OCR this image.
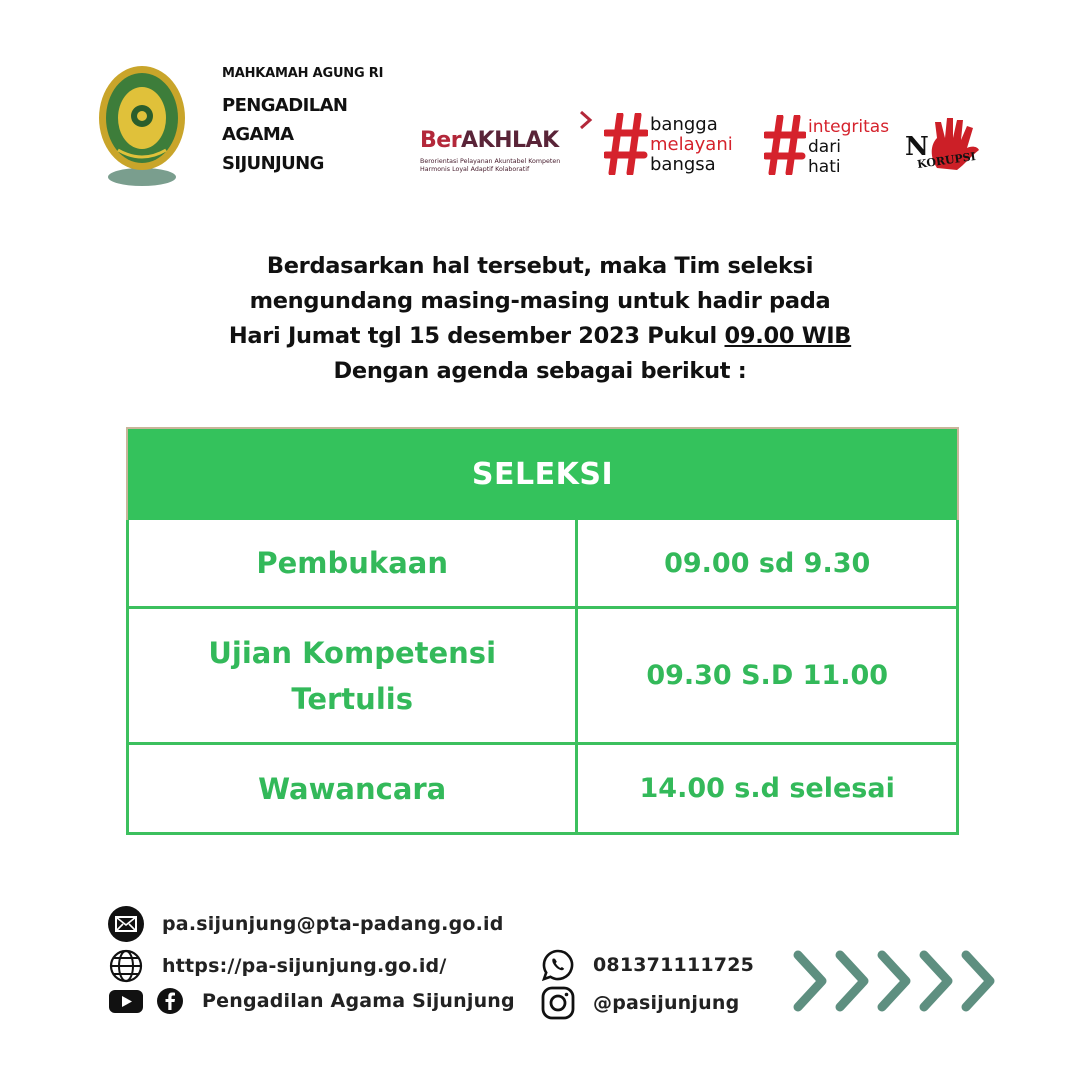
MAHKAMAH AGUNG RI
PENGADILAN
AGAMA
SIJUNJUNG
BerAKHLAK
Berorientasi Pelayanan Akuntabel Kompeten
Harmonis Loyal Adaptif Kolaboratif
bangga
melayani
bangsa
integritas
dari
hati
N
KORUPSI
Berdasarkan hal tersebut, maka Tim seleksi
mengundang masing-masing untuk hadir pada
Hari Jumat tgl 15 desember 2023 Pukul 09.00 WIB
Dengan agenda sebagai berikut :
SELEKSI
Pembukaan	09.00 sd 9.30
Ujian Kompetensi
Tertulis
09.30 S.D 11.00
Wawancara	14.00 s.d selesai
pa.sijunjung@pta-padang.go.id
https://pa-sijunjung.go.id/
Pengadilan Agama Sijunjung
081371111725
@pasijunjung
